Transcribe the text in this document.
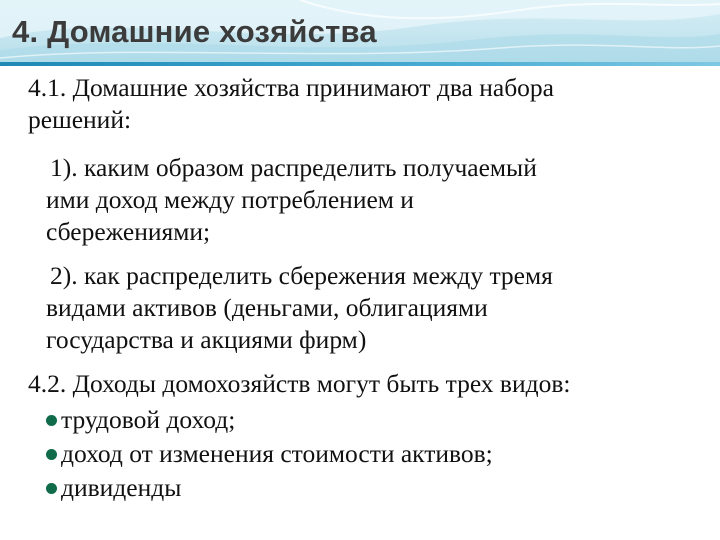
4. Домашние хозяйства

4.1. Домашние хозяйства принимают два набора

решений:

1). каким образом распределить получаемый

ими доход между потреблением и

сбережениями;

2). как распределить сбережения между тремя

видами активов (деньгами, облигациями

государства и акциями фирм)

4.2. Доходы домохозяйств могут быть трех видов:

трудовой доход;

доход от изменения стоимости активов;

дивиденды
